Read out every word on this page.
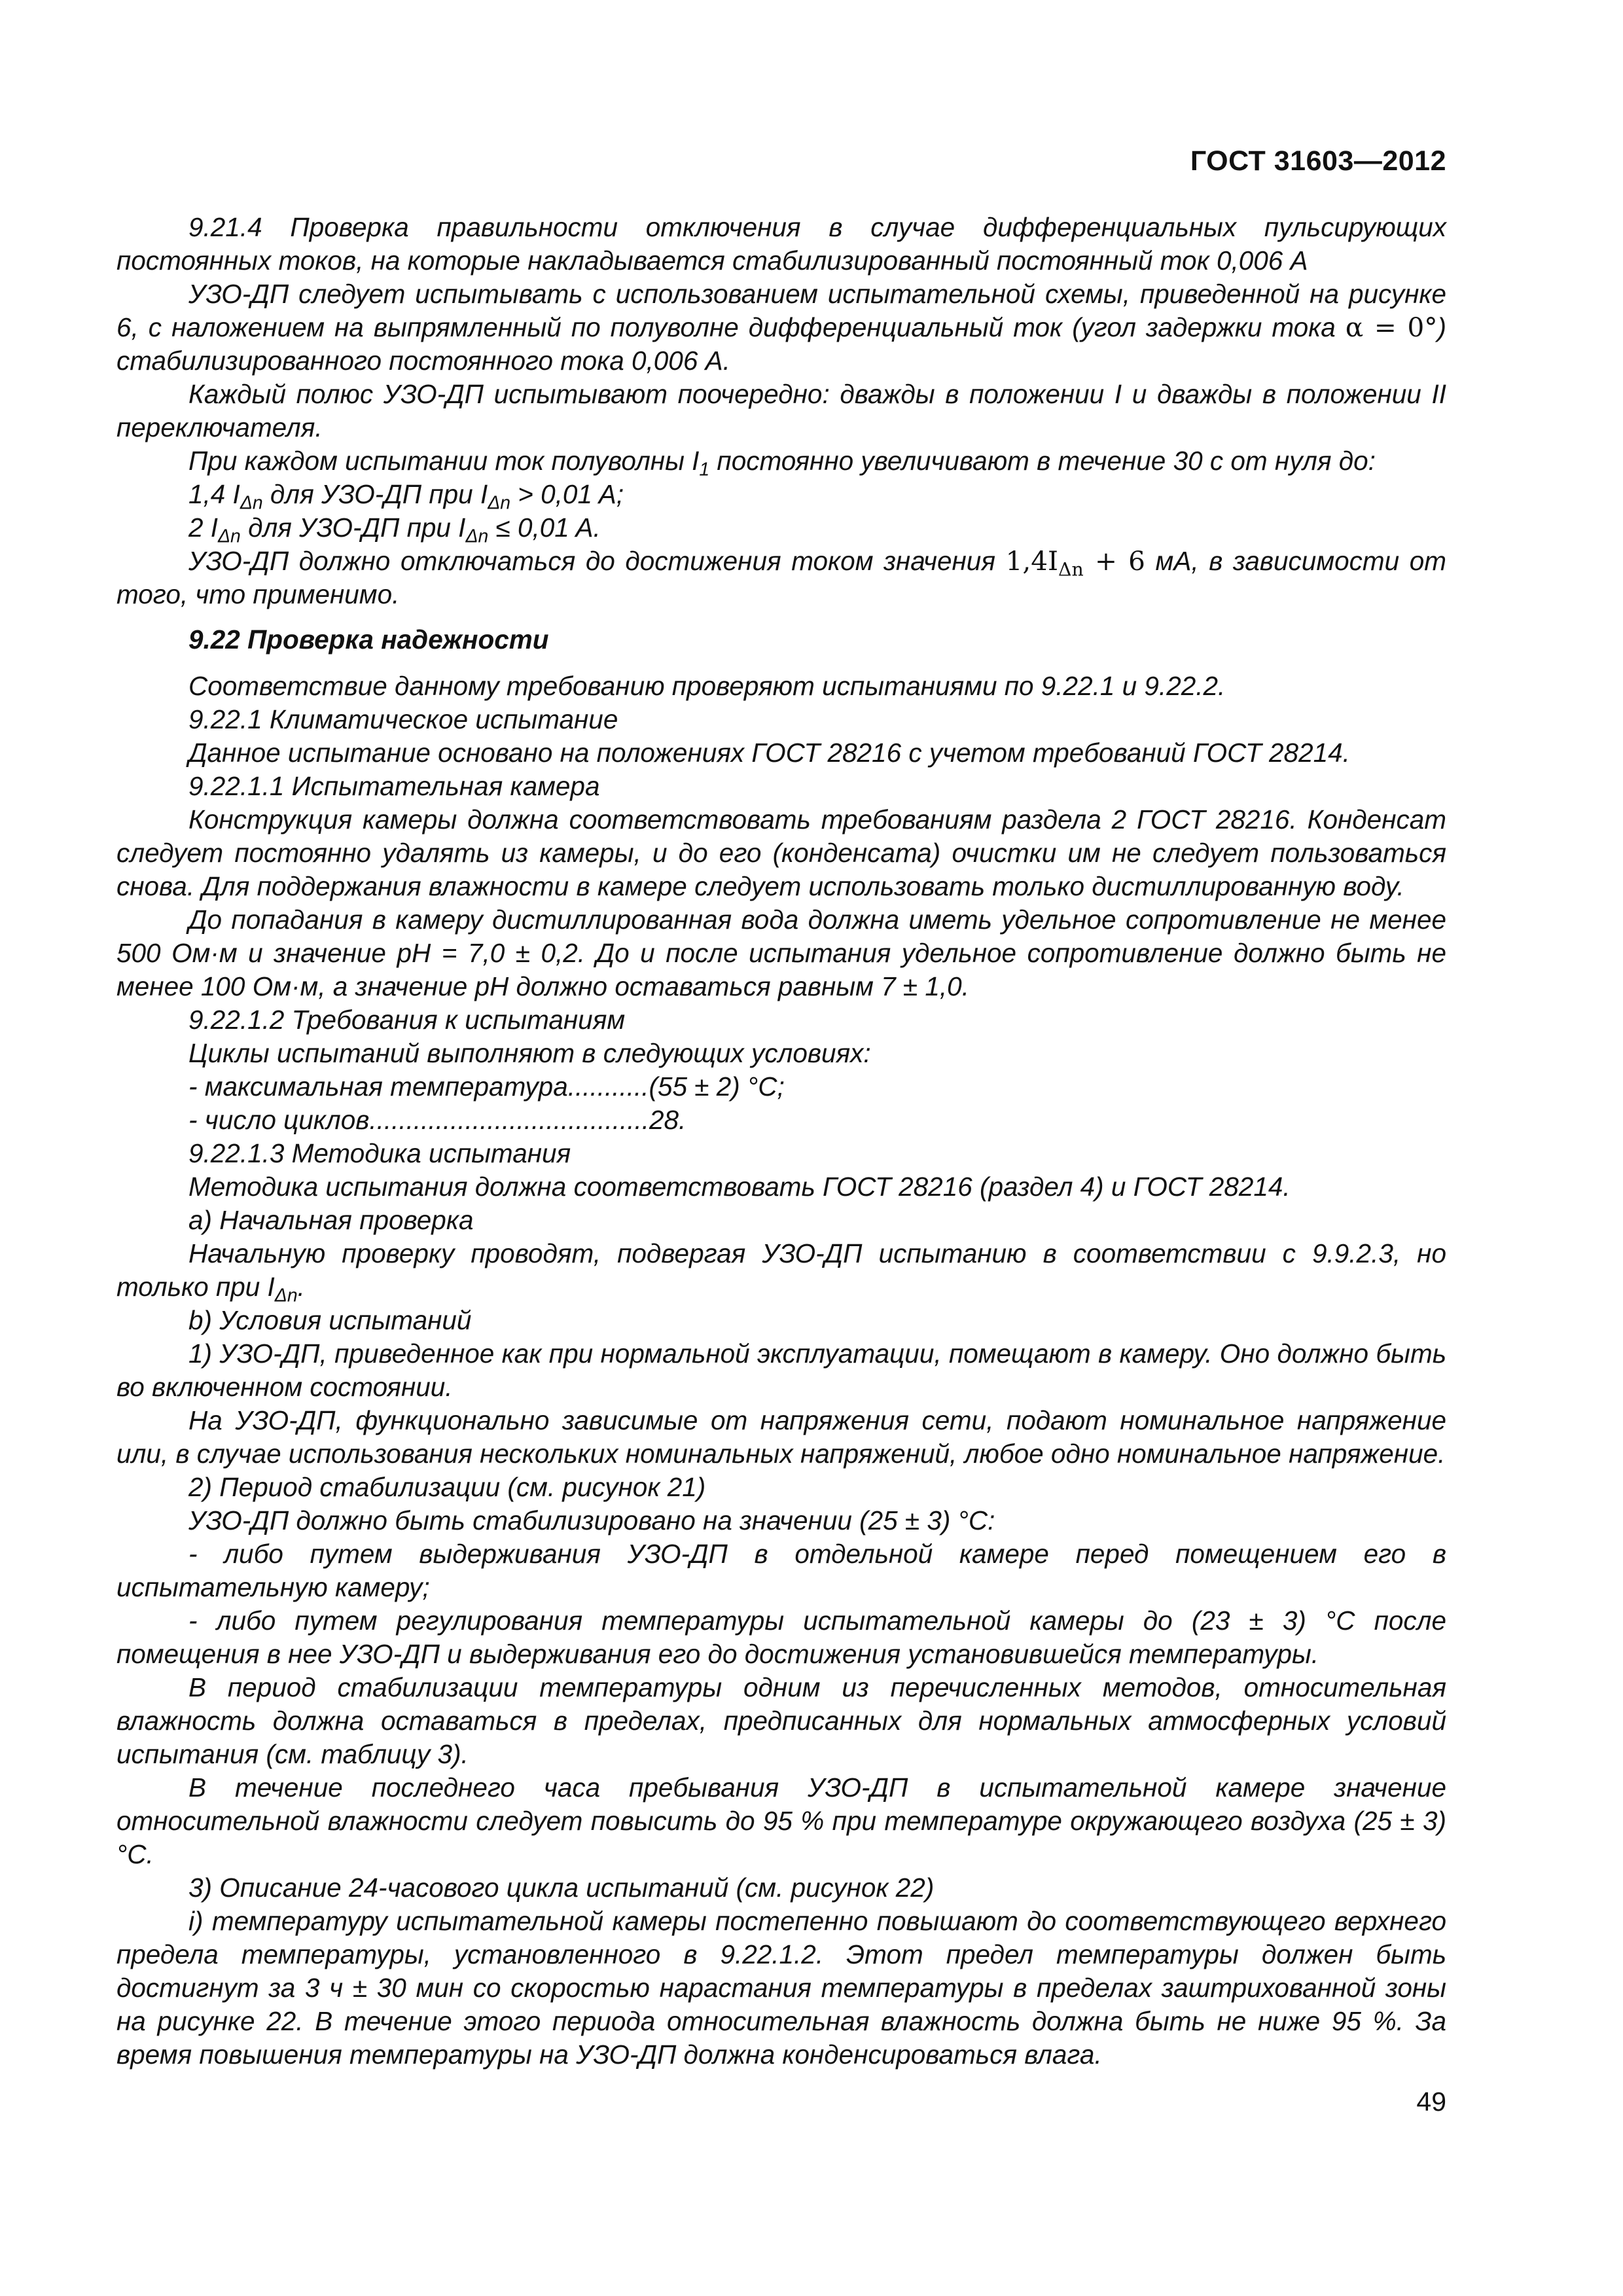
ГОСТ 31603—2012

9.21.4 Проверка правильности отключения в случае дифференциальных пульсирующих постоянных токов, на которые накладывается стабилизированный постоянный ток 0,006 А

УЗО-ДП следует испытывать с использованием испытательной схемы, приведенной на рисунке 6, с наложением на выпрямленный по полуволне дифференциальный ток (угол задержки тока α = 0°) стабилизированного постоянного тока 0,006 А.

Каждый полюс УЗО-ДП испытывают поочередно: дважды в положении I и дважды в положении II переключателя.

При каждом испытании ток полуволны $I_1$ постоянно увеличивают в течение 30 с от нуля до:

1,4 $I_{\Delta n}$ для УЗО-ДП при $I_{\Delta n} > 0,01$ A;

2 $I_{\Delta n}$ для УЗО-ДП при $I_{\Delta n} \le 0,01$ A.

УЗО-ДП должно отключаться до достижения током значения $1,4I_{\Delta n} + 6$ мА, в зависимости от того, что применимо.

9.22 Проверка надежности

Соответствие данному требованию проверяют испытаниями по 9.22.1 и 9.22.2.

9.22.1 Климатическое испытание

Данное испытание основано на положениях ГОСТ 28216 с учетом требований ГОСТ 28214.

9.22.1.1 Испытательная камера

Конструкция камеры должна соответствовать требованиям раздела 2 ГОСТ 28216. Конденсат следует постоянно удалять из камеры, и до его (конденсата) очистки им не следует пользоваться снова. Для поддержания влажности в камере следует использовать только дистиллированную воду.

До попадания в камеру дистиллированная вода должна иметь удельное сопротивление не менее 500 Ом·м и значение рН = 7,0 ± 0,2. До и после испытания удельное сопротивление должно быть не менее 100 Ом·м, а значение рН должно оставаться равным 7 ± 1,0.

9.22.1.2 Требования к испытаниям

Циклы испытаний выполняют в следующих условиях:

- максимальная температура...........(55 ± 2) °С;

- число циклов......................................28.

9.22.1.3 Методика испытания

Методика испытания должна соответствовать ГОСТ 28216 (раздел 4) и ГОСТ 28214.

a) Начальная проверка

Начальную проверку проводят, подвергая УЗО-ДП испытанию в соответствии с 9.9.2.3, но только при $I_{\Delta n}$.

b) Условия испытаний

1) УЗО-ДП, приведенное как при нормальной эксплуатации, помещают в камеру. Оно должно быть во включенном состоянии.

На УЗО-ДП, функционально зависимые от напряжения сети, подают номинальное напряжение или, в случае использования нескольких номинальных напряжений, любое одно номинальное напряжение.

2) Период стабилизации (см. рисунок 21)

УЗО-ДП должно быть стабилизировано на значении (25 ± 3) °С:

- либо путем выдерживания УЗО-ДП в отдельной камере перед помещением его в испытательную камеру;

- либо путем регулирования температуры испытательной камеры до (23 ± 3) °С после помещения в нее УЗО-ДП и выдерживания его до достижения установившейся температуры.

В период стабилизации температуры одним из перечисленных методов, относительная влажность должна оставаться в пределах, предписанных для нормальных атмосферных условий испытания (см. таблицу 3).

В течение последнего часа пребывания УЗО-ДП в испытательной камере значение относительной влажности следует повысить до 95 % при температуре окружающего воздуха (25 ± 3) °С.

3) Описание 24-часового цикла испытаний (см. рисунок 22)

i) температуру испытательной камеры постепенно повышают до соответствующего верхнего предела температуры, установленного в 9.22.1.2. Этот предел температуры должен быть достигнут за 3 ч ± 30 мин со скоростью нарастания температуры в пределах заштрихованной зоны на рисунке 22. В течение этого периода относительная влажность должна быть не ниже 95 %. За время повышения температуры на УЗО-ДП должна конденсироваться влага.

49
